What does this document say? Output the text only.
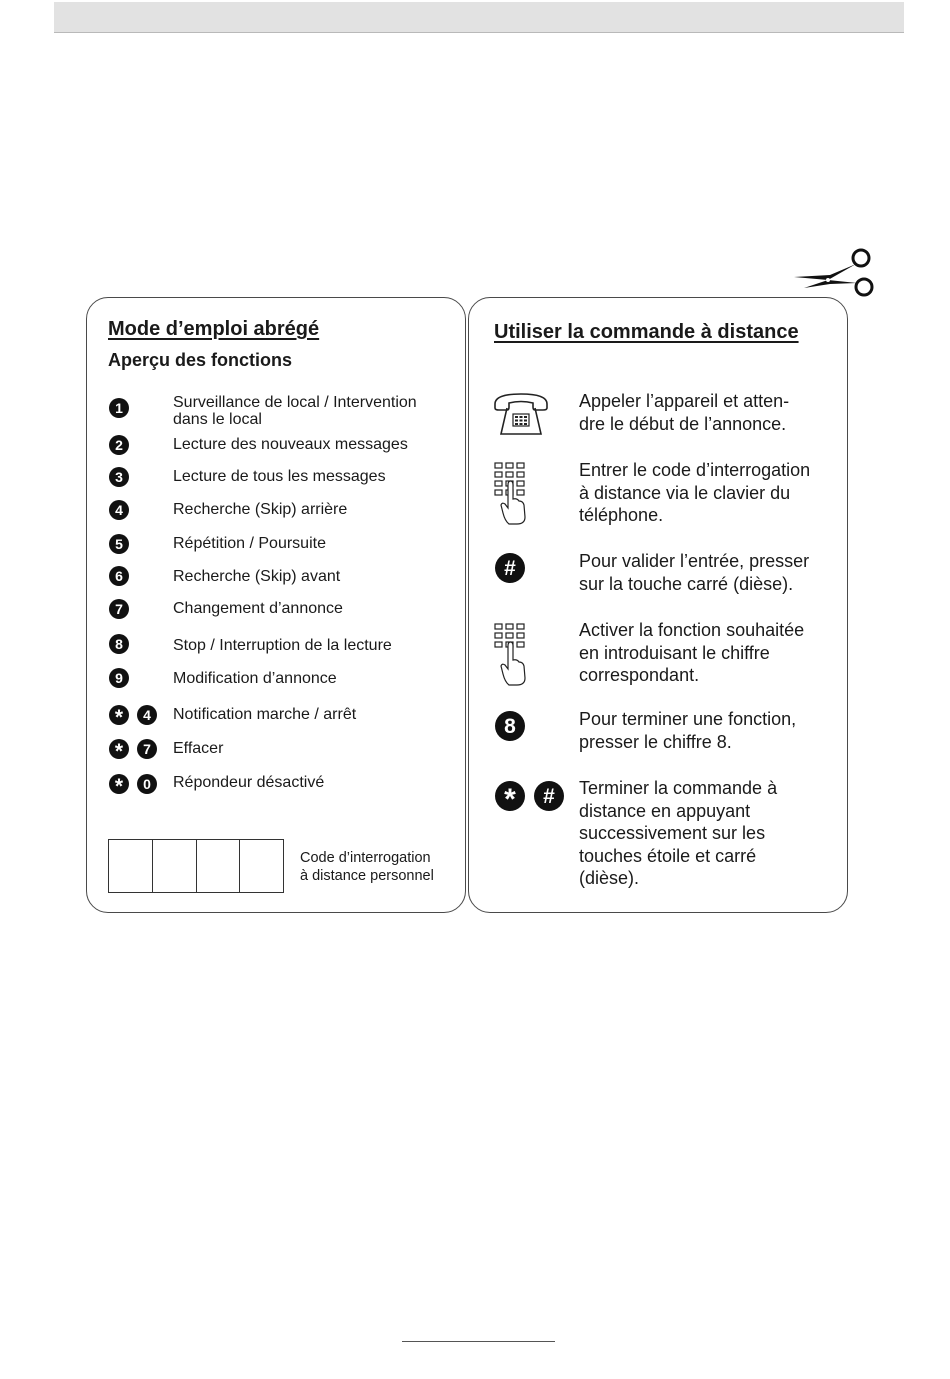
Mode d’emploi abrégé
Aperçu des fonctions
1	Surveillance de local / Intervention
dans le local
2	Lecture des nouveaux messages
3	Lecture de tous les messages
4	Recherche (Skip) arrière
5	Répétition / Poursuite
6	Recherche (Skip) avant
7	Changement d’annonce
8	Stop / Interruption de la lecture
9	Modification d’annonce
*	4	Notification marche / arrêt
*	7	Effacer
*	0	Répondeur désactivé
Code d’interrogation
à distance personnel
Utiliser la commande à distance
Appeler l’appareil et atten-
dre le début de l’annonce.
Entrer le code d’interrogation
à distance via le clavier du
téléphone.
#	Pour valider l’entrée, presser
sur la touche carré (dièse).
Activer la fonction souhaitée
en introduisant le chiffre
correspondant.
8	Pour terminer une fonction,
presser le chiffre 8.
*	#	Terminer la commande à
distance en appuyant
successivement sur les
touches étoile et carré
(dièse).
